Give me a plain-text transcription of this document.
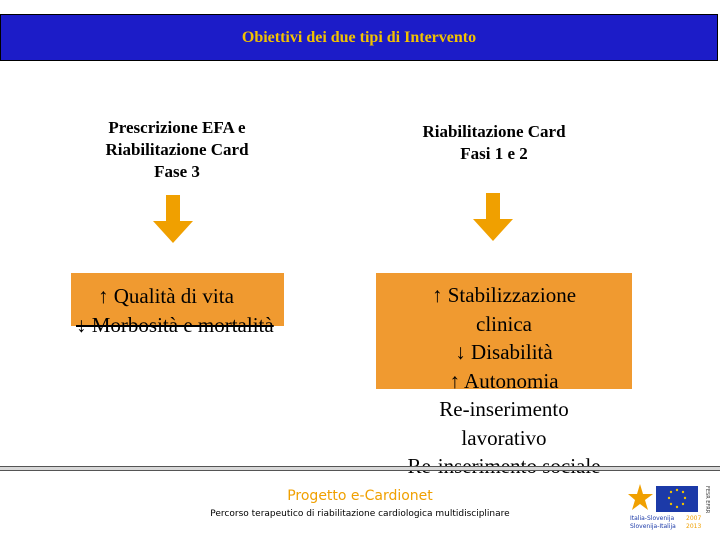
Obiettivi dei due tipi di Intervento
Prescrizione EFA e
Riabilitazione Card
Fase 3
↑ Qualità di vita
↓ Morbosità e mortalità
Riabilitazione Card
Fasi 1 e 2
↑ Stabilizzazione
clinica
↓ Disabilità
↑ Autonomia
Re-inserimento
lavorativo
Progetto e-Cardionet
Percorso terapeutico di riabilitazione cardiologica multidisciplinare
FESR EFRR
Italia-Slovenija
Slovenija-Italija
2007
2013
